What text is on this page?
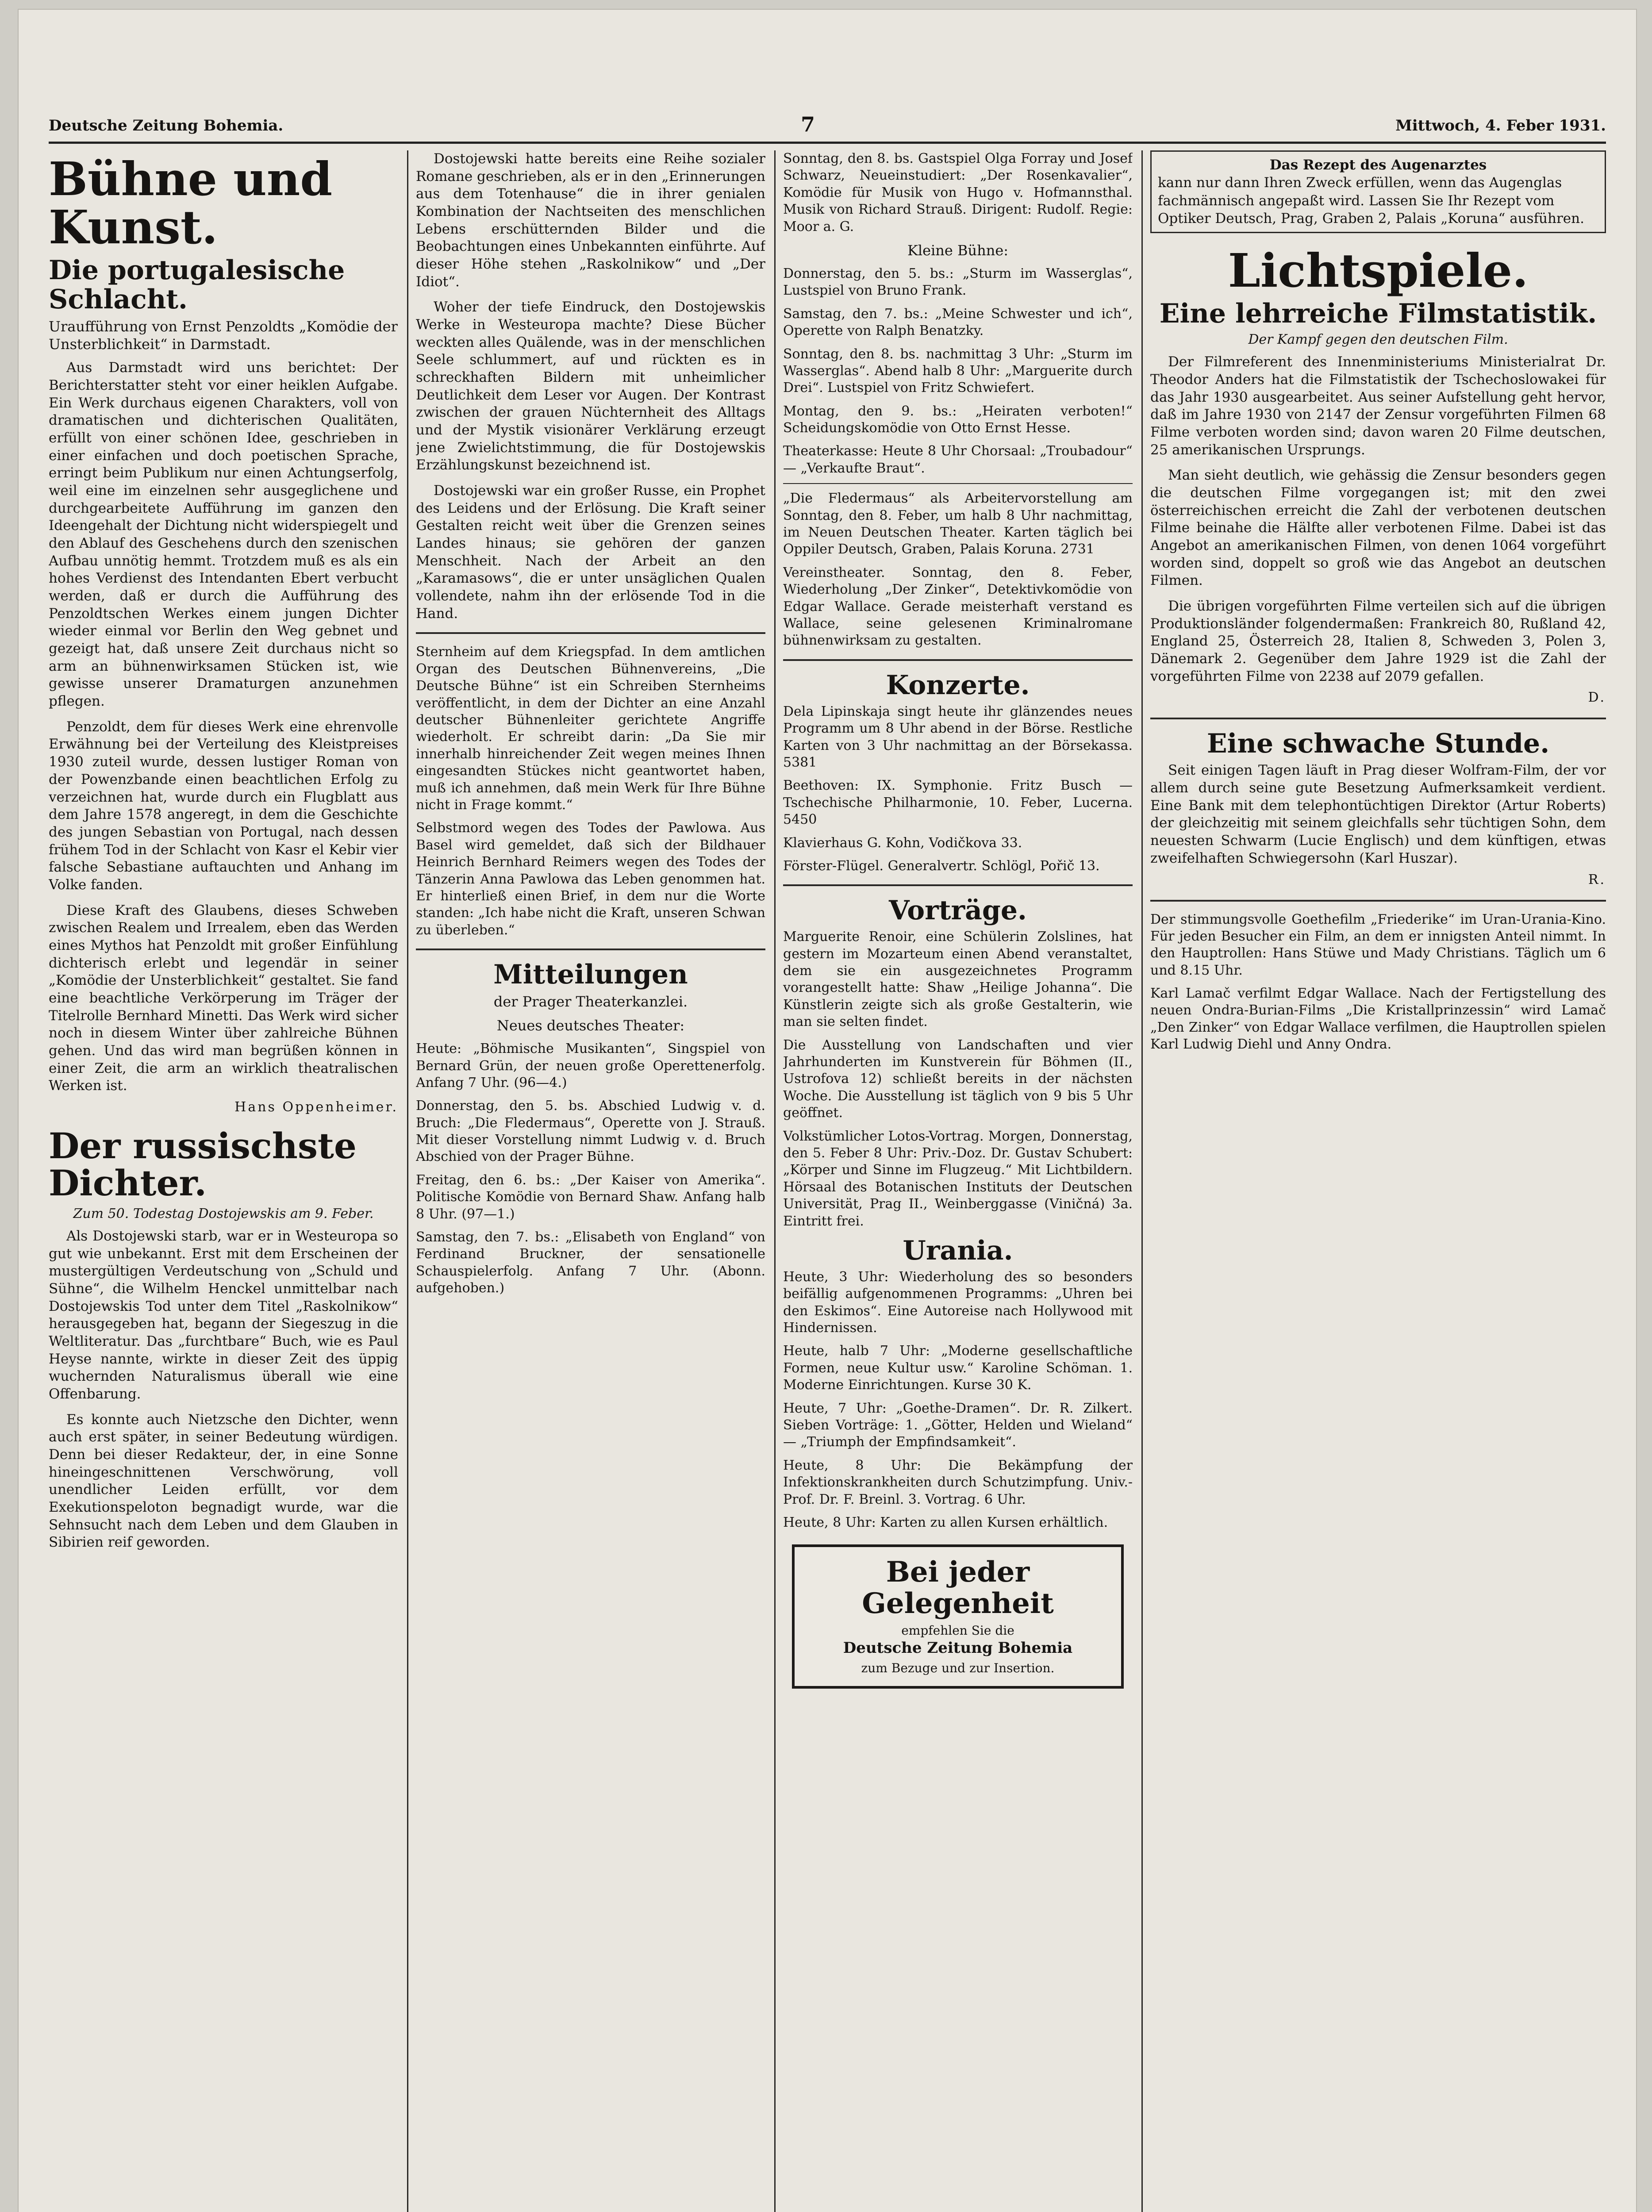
Deutsche Zeitung Bohemia.	7	Mittwoch, 4. Feber 1931.
Bühne und Kunst.
Die portugalesische Schlacht.
Uraufführung von Ernst Penzoldts „Komödie der Unsterblichkeit“ in Darmstadt.

Aus Darmstadt wird uns berichtet: Der Berichterstatter steht vor einer heiklen Aufgabe. Ein Werk durchaus eigenen Charakters, voll von dramatischen und dichterischen Qualitäten, erfüllt von einer schönen Idee, geschrieben in einer einfachen und doch poetischen Sprache, erringt beim Publikum nur einen Achtungserfolg, weil eine im einzelnen sehr ausgeglichene und durchgearbeitete Aufführung im ganzen den Ideengehalt der Dichtung nicht widerspiegelt und den Ablauf des Geschehens durch den szenischen Aufbau unnötig hemmt. Trotzdem muß es als ein hohes Verdienst des Intendanten Ebert verbucht werden, daß er durch die Aufführung des Penzoldtschen Werkes einem jungen Dichter wieder einmal vor Berlin den Weg gebnet und gezeigt hat, daß unsere Zeit durchaus nicht so arm an bühnenwirksamen Stücken ist, wie gewisse unserer Dramaturgen anzunehmen pflegen.

Penzoldt, dem für dieses Werk eine ehrenvolle Erwähnung bei der Verteilung des Kleistpreises 1930 zuteil wurde, dessen lustiger Roman von der Powenzbande einen beachtlichen Erfolg zu verzeichnen hat, wurde durch ein Flugblatt aus dem Jahre 1578 angeregt, in dem die Geschichte des jungen Sebastian von Portugal, nach dessen frühem Tod in der Schlacht von Kasr el Kebir vier falsche Sebastiane auftauchten und Anhang im Volke fanden.

Diese Kraft des Glaubens, dieses Schweben zwischen Realem und Irrealem, eben das Werden eines Mythos hat Penzoldt mit großer Einfühlung dichterisch erlebt und legendär in seiner „Komödie der Unsterblichkeit“ gestaltet. Sie fand eine beachtliche Verkörperung im Träger der Titelrolle Bernhard Minetti. Das Werk wird sicher noch in diesem Winter über zahlreiche Bühnen gehen. Und das wird man begrüßen können in einer Zeit, die arm an wirklich theatralischen Werken ist.

Hans Oppenheimer.
Der russischste Dichter.
Zum 50. Todestag Dostojewskis am 9. Feber.

Als Dostojewski starb, war er in Westeuropa so gut wie unbekannt. Erst mit dem Erscheinen der mustergültigen Verdeutschung von „Schuld und Sühne“, die Wilhelm Henckel unmittelbar nach Dostojewskis Tod unter dem Titel „Raskolnikow“ herausgegeben hat, begann der Siegeszug in die Weltliteratur. Das „furchtbare“ Buch, wie es Paul Heyse nannte, wirkte in dieser Zeit des üppig wuchernden Naturalismus überall wie eine Offenbarung.

Es konnte auch Nietzsche den Dichter, wenn auch erst später, in seiner Bedeutung würdigen. Denn bei dieser Redakteur, der, in eine Sonne hineingeschnittenen Verschwörung, voll unendlicher Leiden erfüllt, vor dem Exekutionspeloton begnadigt wurde, war die Sehnsucht nach dem Leben und dem Glauben in Sibirien reif geworden.

Dostojewski hatte bereits eine Reihe sozialer Romane geschrieben, als er in den „Erinnerungen aus dem Totenhause“ die in ihrer genialen Kombination der Nachtseiten des menschlichen Lebens erschütternden Bilder und die Beobachtungen eines Unbekannten einführte. Auf dieser Höhe stehen „Raskolnikow“ und „Der Idiot“.

Woher der tiefe Eindruck, den Dostojewskis Werke in Westeuropa machte? Diese Bücher weckten alles Quälende, was in der menschlichen Seele schlummert, auf und rückten es in schreckhaften Bildern mit unheimlicher Deutlichkeit dem Leser vor Augen. Der Kontrast zwischen der grauen Nüchternheit des Alltags und der Mystik visionärer Verklärung erzeugt jene Zwielichtstimmung, die für Dostojewskis Erzählungskunst bezeichnend ist.

Dostojewski war ein großer Russe, ein Prophet des Leidens und der Erlösung. Die Kraft seiner Gestalten reicht weit über die Grenzen seines Landes hinaus; sie gehören der ganzen Menschheit. Nach der Arbeit an den „Karamasows“, die er unter unsäglichen Qualen vollendete, nahm ihn der erlösende Tod in die Hand.

Sternheim auf dem Kriegspfad. In dem amtlichen Organ des Deutschen Bühnenvereins, „Die Deutsche Bühne“ ist ein Schreiben Sternheims veröffentlicht, in dem der Dichter an eine Anzahl deutscher Bühnenleiter gerichtete Angriffe wiederholt. Er schreibt darin: „Da Sie mir innerhalb hinreichender Zeit wegen meines Ihnen eingesandten Stückes nicht geantwortet haben, muß ich annehmen, daß mein Werk für Ihre Bühne nicht in Frage kommt.“

Selbstmord wegen des Todes der Pawlowa. Aus Basel wird gemeldet, daß sich der Bildhauer Heinrich Bernhard Reimers wegen des Todes der Tänzerin Anna Pawlowa das Leben genommen hat. Er hinterließ einen Brief, in dem nur die Worte standen: „Ich habe nicht die Kraft, unseren Schwan zu überleben.“

Mitteilungen
der Prager Theaterkanzlei.
Neues deutsches Theater:

Heute: „Böhmische Musikanten“, Singspiel von Bernard Grün, der neuen große Operettenerfolg. Anfang 7 Uhr. (96—4.)

Donnerstag, den 5. bs. Abschied Ludwig v. d. Bruch: „Die Fledermaus“, Operette von J. Strauß. Mit dieser Vorstellung nimmt Ludwig v. d. Bruch Abschied von der Prager Bühne.

Freitag, den 6. bs.: „Der Kaiser von Amerika“. Politische Komödie von Bernard Shaw. Anfang halb 8 Uhr. (97—1.)

Samstag, den 7. bs.: „Elisabeth von England“ von Ferdinand Bruckner, der sensationelle Schauspielerfolg. Anfang 7 Uhr. (Abonn. aufgehoben.)

Sonntag, den 8. bs. Gastspiel Olga Forray und Josef Schwarz, Neueinstudiert: „Der Rosenkavalier“, Komödie für Musik von Hugo v. Hofmannsthal. Musik von Richard Strauß. Dirigent: Rudolf. Regie: Moor a. G.

Kleine Bühne:

Donnerstag, den 5. bs.: „Sturm im Wasserglas“, Lustspiel von Bruno Frank.

Samstag, den 7. bs.: „Meine Schwester und ich“, Operette von Ralph Benatzky.

Sonntag, den 8. bs. nachmittag 3 Uhr: „Sturm im Wasserglas“. Abend halb 8 Uhr: „Marguerite durch Drei“. Lustspiel von Fritz Schwiefert.

Montag, den 9. bs.: „Heiraten verboten!“ Scheidungskomödie von Otto Ernst Hesse.

Theaterkasse: Heute 8 Uhr Chorsaal: „Troubadour“ — „Verkaufte Braut“.

„Die Fledermaus“ als Arbeitervorstellung am Sonntag, den 8. Feber, um halb 8 Uhr nachmittag, im Neuen Deutschen Theater. Karten täglich bei Oppiler Deutsch, Graben, Palais Koruna. 2731

Vereinstheater. Sonntag, den 8. Feber, Wiederholung „Der Zinker“, Detektivkomödie von Edgar Wallace. Gerade meisterhaft verstand es Wallace, seine gelesenen Kriminalromane bühnenwirksam zu gestalten.

Konzerte.

Dela Lipinskaja singt heute ihr glänzendes neues Programm um 8 Uhr abend in der Börse. Restliche Karten von 3 Uhr nachmittag an der Börsekassa. 5381

Beethoven: IX. Symphonie. Fritz Busch — Tschechische Philharmonie, 10. Feber, Lucerna. 5450

Klavierhaus G. Kohn, Vodičkova 33.

Förster-Flügel. Generalvertr. Schlögl, Pořič 13.

Vorträge.

Marguerite Renoir, eine Schülerin Zolslines, hat gestern im Mozarteum einen Abend veranstaltet, dem sie ein ausgezeichnetes Programm vorangestellt hatte: Shaw „Heilige Johanna“. Die Künstlerin zeigte sich als große Gestalterin, wie man sie selten findet.

Die Ausstellung von Landschaften und vier Jahrhunderten im Kunstverein für Böhmen (II., Ustrofova 12) schließt bereits in der nächsten Woche. Die Ausstellung ist täglich von 9 bis 5 Uhr geöffnet.

Volkstümlicher Lotos-Vortrag. Morgen, Donnerstag, den 5. Feber 8 Uhr: Priv.-Doz. Dr. Gustav Schubert: „Körper und Sinne im Flugzeug.“ Mit Lichtbildern. Hörsaal des Botanischen Instituts der Deutschen Universität, Prag II., Weinberggasse (Viničná) 3a. Eintritt frei.

Urania.

Heute, 3 Uhr: Wiederholung des so besonders beifällig aufgenommenen Programms: „Uhren bei den Eskimos“. Eine Autoreise nach Hollywood mit Hindernissen.

Heute, halb 7 Uhr: „Moderne gesellschaftliche Formen, neue Kultur usw.“ Karoline Schöman. 1. Moderne Einrichtungen. Kurse 30 K.

Heute, 7 Uhr: „Goethe-Dramen“. Dr. R. Zilkert. Sieben Vorträge: 1. „Götter, Helden und Wieland“ — „Triumph der Empfindsamkeit“.

Heute, 8 Uhr: Die Bekämpfung der Infektionskrankheiten durch Schutzimpfung. Univ.-Prof. Dr. F. Breinl. 3. Vortrag. 6 Uhr.

Heute, 8 Uhr: Karten zu allen Kursen erhältlich.

Bei jeder Gelegenheit
empfehlen Sie die
Deutsche Zeitung Bohemia
zum Bezuge und zur Insertion.
Das Rezept des Augenarztes
kann nur dann Ihren Zweck erfüllen, wenn das Augenglas fachmännisch angepaßt wird. Lassen Sie Ihr Rezept vom Optiker Deutsch, Prag, Graben 2, Palais „Koruna“ ausführen.
Lichtspiele.
Eine lehrreiche Filmstatistik.
Der Kampf gegen den deutschen Film.

Der Filmreferent des Innenministeriums Ministerialrat Dr. Theodor Anders hat die Filmstatistik der Tschechoslowakei für das Jahr 1930 ausgearbeitet. Aus seiner Aufstellung geht hervor, daß im Jahre 1930 von 2147 der Zensur vorgeführten Filmen 68 Filme verboten worden sind; davon waren 20 Filme deutschen, 25 amerikanischen Ursprungs.

Man sieht deutlich, wie gehässig die Zensur besonders gegen die deutschen Filme vorgegangen ist; mit den zwei österreichischen erreicht die Zahl der verbotenen deutschen Filme beinahe die Hälfte aller verbotenen Filme. Dabei ist das Angebot an amerikanischen Filmen, von denen 1064 vorgeführt worden sind, doppelt so groß wie das Angebot an deutschen Filmen.

Die übrigen vorgeführten Filme verteilen sich auf die übrigen Produktionsländer folgendermaßen: Frankreich 80, Rußland 42, England 25, Österreich 28, Italien 8, Schweden 3, Polen 3, Dänemark 2. Gegenüber dem Jahre 1929 ist die Zahl der vorgeführten Filme von 2238 auf 2079 gefallen.

D.
Eine schwache Stunde.

Seit einigen Tagen läuft in Prag dieser Wolfram-Film, der vor allem durch seine gute Besetzung Aufmerksamkeit verdient. Eine Bank mit dem telephontüchtigen Direktor (Artur Roberts) der gleichzeitig mit seinem gleichfalls sehr tüchtigen Sohn, dem neuesten Schwarm (Lucie Englisch) und dem künftigen, etwas zweifelhaften Schwiegersohn (Karl Huszar).

R.

Der stimmungsvolle Goethefilm „Friederike“ im Uran-Urania-Kino. Für jeden Besucher ein Film, an dem er innigsten Anteil nimmt. In den Hauptrollen: Hans Stüwe und Mady Christians. Täglich um 6 und 8.15 Uhr.

Karl Lamač verfilmt Edgar Wallace. Nach der Fertigstellung des neuen Ondra-Burian-Films „Die Kristallprinzessin“ wird Lamač „Den Zinker“ von Edgar Wallace verfilmen, die Hauptrollen spielen Karl Ludwig Diehl und Anny Ondra.
